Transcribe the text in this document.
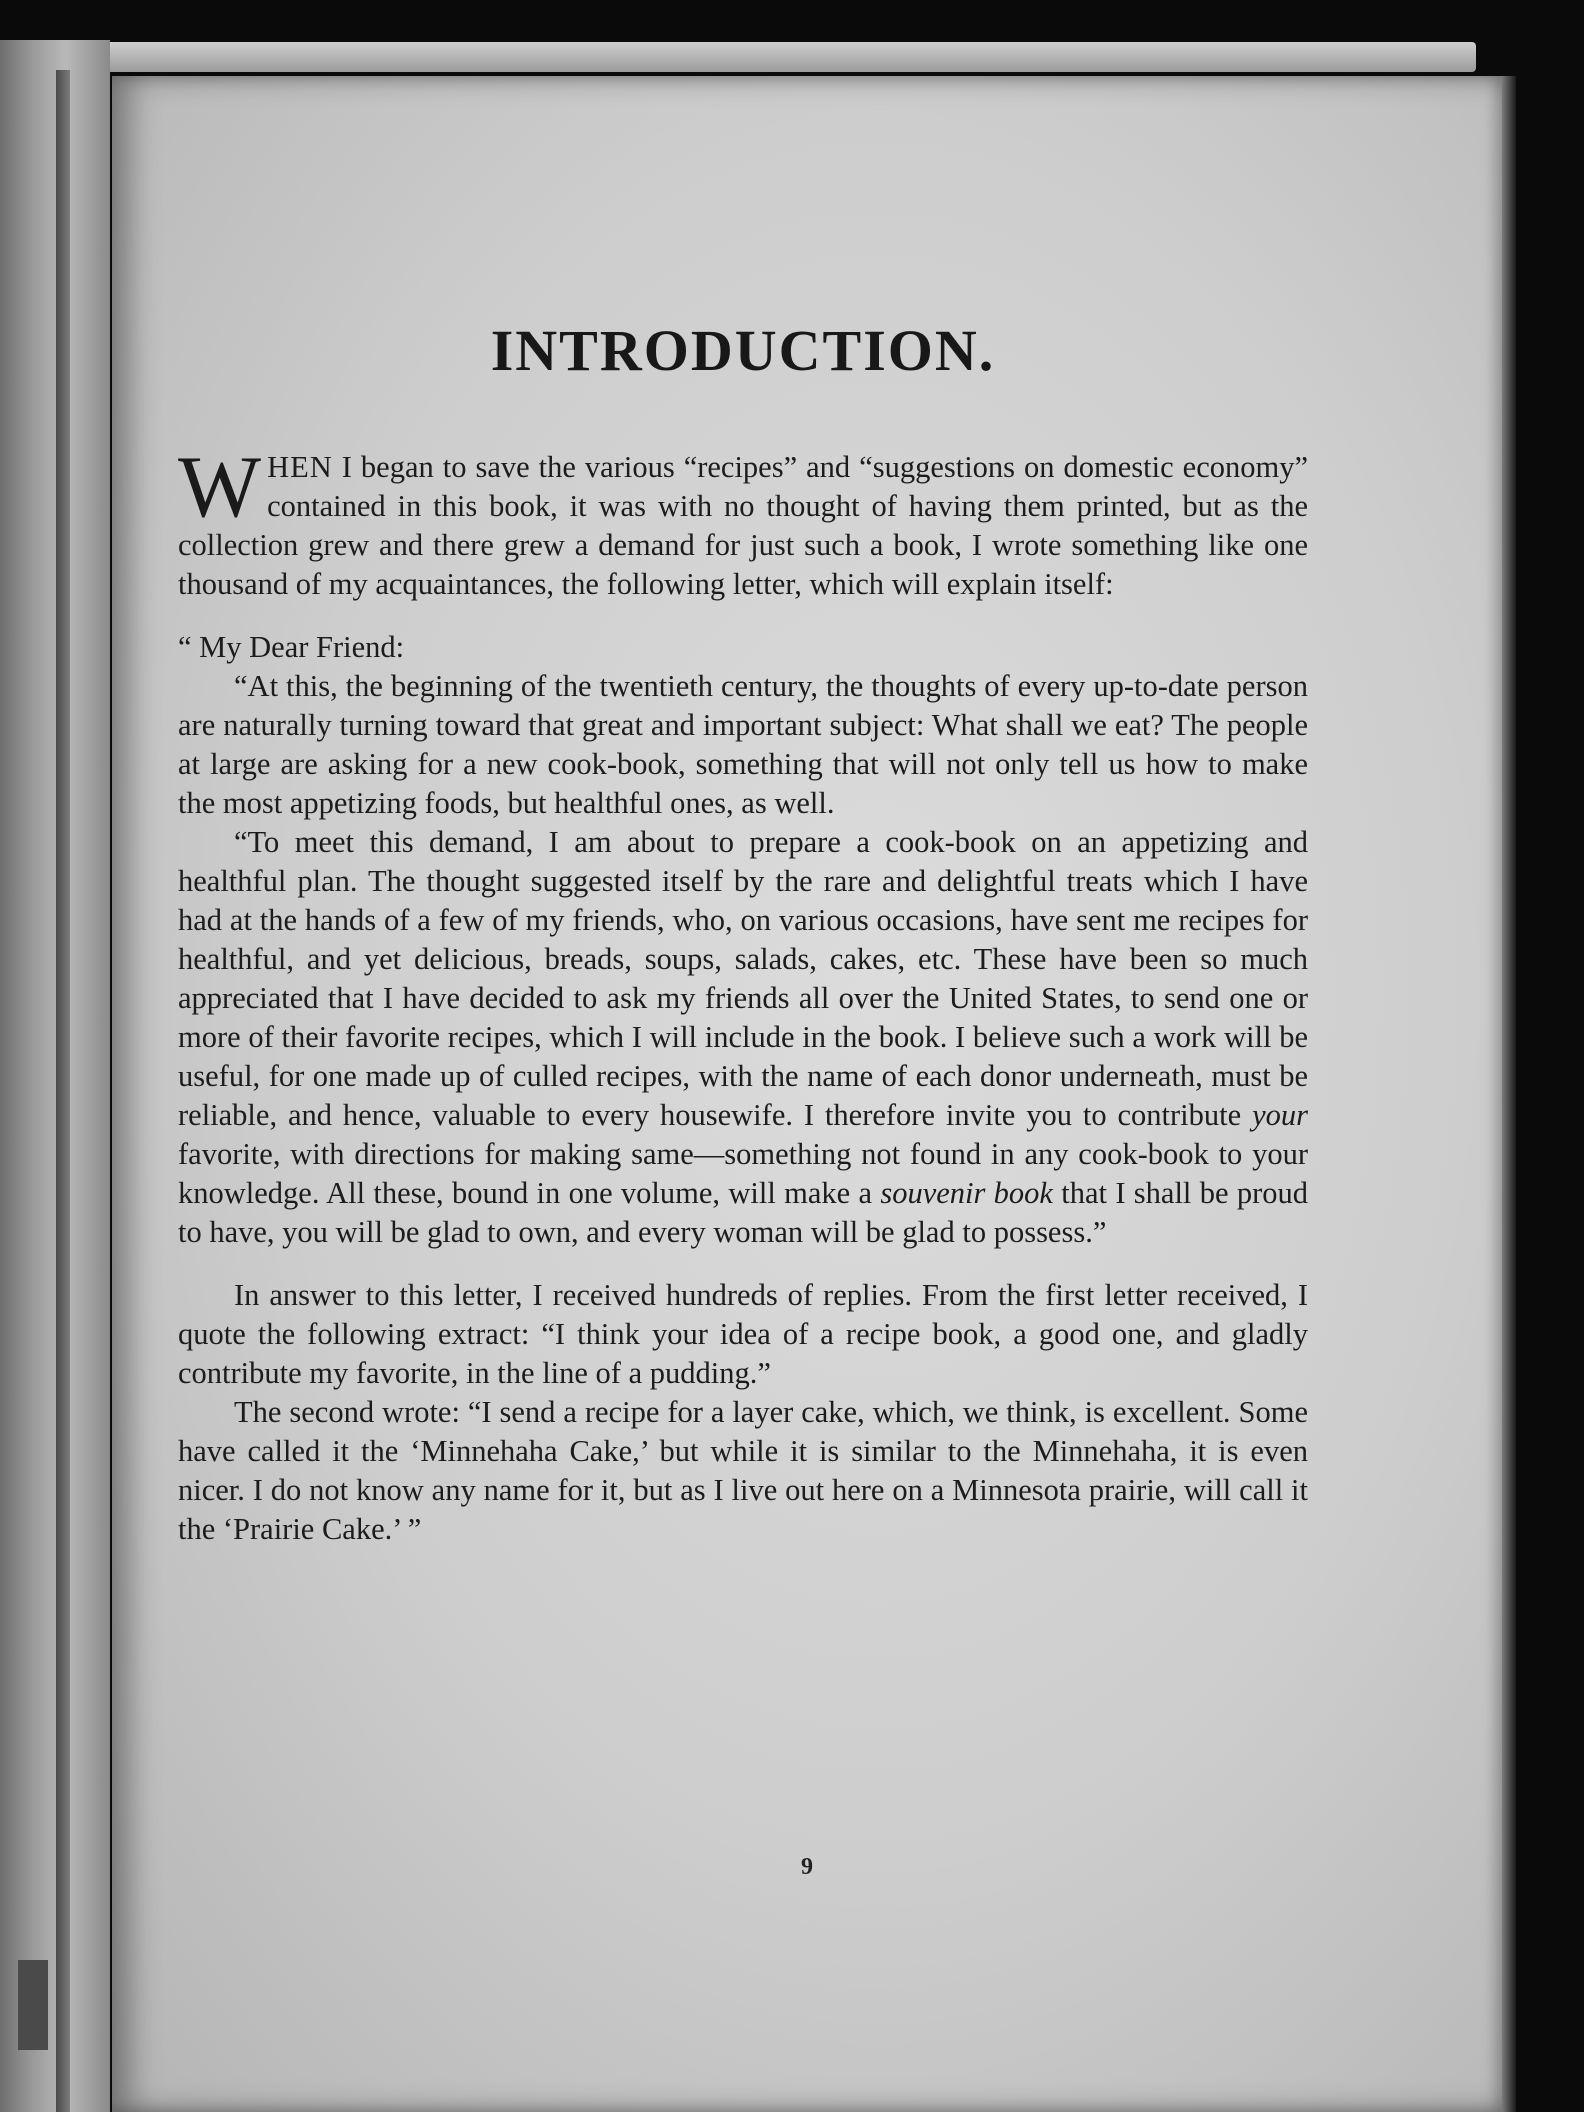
9
INTRODUCTION.

WHEN I began to save the various “recipes” and “suggestions on domestic economy” contained in this book, it was with no thought of having them printed, but as the collection grew and there grew a demand for just such a book, I wrote something like one thousand of my acquaintances, the following letter, which will explain itself:

“ My Dear Friend:

“At this, the beginning of the twentieth century, the thoughts of every up-to-date person are naturally turning toward that great and important subject: What shall we eat? The people at large are asking for a new cook-book, something that will not only tell us how to make the most appetizing foods, but healthful ones, as well.

“To meet this demand, I am about to prepare a cook-book on an appetizing and healthful plan. The thought suggested itself by the rare and delightful treats which I have had at the hands of a few of my friends, who, on various occasions, have sent me recipes for healthful, and yet delicious, breads, soups, salads, cakes, etc. These have been so much appreciated that I have decided to ask my friends all over the United States, to send one or more of their favorite recipes, which I will include in the book. I believe such a work will be useful, for one made up of culled recipes, with the name of each donor underneath, must be reliable, and hence, valuable to every housewife. I therefore invite you to contribute your favorite, with directions for making same—something not found in any cook-book to your knowledge. All these, bound in one volume, will make a souvenir book that I shall be proud to have, you will be glad to own, and every woman will be glad to possess.”

In answer to this letter, I received hundreds of replies. From the first letter received, I quote the following extract: “I think your idea of a recipe book, a good one, and gladly contribute my favorite, in the line of a pudding.”

The second wrote: “I send a recipe for a layer cake, which, we think, is excellent. Some have called it the ‘Minnehaha Cake,’ but while it is similar to the Minnehaha, it is even nicer. I do not know any name for it, but as I live out here on a Minnesota prairie, will call it the ‘Prairie Cake.’ ”
